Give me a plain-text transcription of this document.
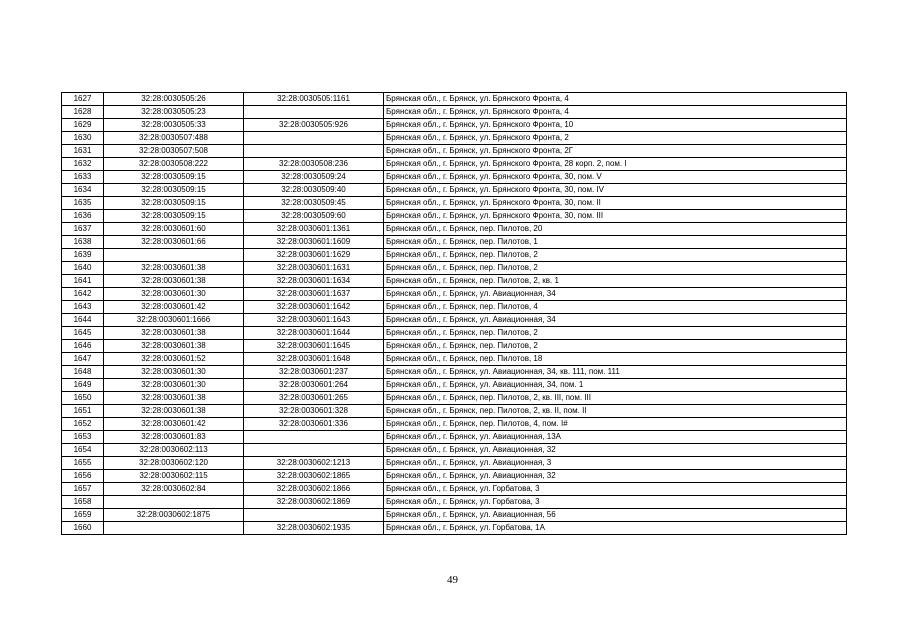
1627	32:28:0030505:26	32:28:0030505:1161	Брянская обл., г. Брянск, ул. Брянского Фронта, 4
1628	32:28:0030505:23		Брянская обл., г. Брянск, ул. Брянского Фронта, 4
1629	32:28:0030505:33	32:28:0030505:926	Брянская обл., г. Брянск, ул. Брянского Фронта, 10
1630	32:28:0030507:488		Брянская обл., г. Брянск, ул. Брянского Фронта, 2
1631	32:28:0030507:508		Брянская обл., г. Брянск, ул. Брянского Фронта, 2Г
1632	32:28:0030508:222	32:28:0030508:236	Брянская обл., г. Брянск, ул. Брянского Фронта, 28 корп. 2, пом. I
1633	32:28:0030509:15	32:28:0030509:24	Брянская обл., г. Брянск, ул. Брянского Фронта, 30, пом. V
1634	32:28:0030509:15	32:28:0030509:40	Брянская обл., г. Брянск, ул. Брянского Фронта, 30, пом. IV
1635	32:28:0030509:15	32:28:0030509:45	Брянская обл., г. Брянск, ул. Брянского Фронта, 30, пом. II
1636	32:28:0030509:15	32:28:0030509:60	Брянская обл., г. Брянск, ул. Брянского Фронта, 30, пом. III
1637	32:28:0030601:60	32:28:0030601:1361	Брянская обл., г. Брянск, пер. Пилотов, 20
1638	32:28:0030601:66	32:28:0030601:1609	Брянская обл., г. Брянск, пер. Пилотов, 1
1639		32:28:0030601:1629	Брянская обл., г. Брянск, пер. Пилотов, 2
1640	32:28:0030601:38	32:28:0030601:1631	Брянская обл., г. Брянск, пер. Пилотов, 2
1641	32:28:0030601:38	32:28:0030601:1634	Брянская обл., г. Брянск, пер. Пилотов, 2, кв. 1
1642	32:28:0030601:30	32:28:0030601:1637	Брянская обл., г. Брянск, ул. Авиационная, 34
1643	32:28:0030601:42	32:28:0030601:1642	Брянская обл., г. Брянск, пер. Пилотов, 4
1644	32:28:0030601:1666	32:28:0030601:1643	Брянская обл., г. Брянск, ул. Авиационная, 34
1645	32:28:0030601:38	32:28:0030601:1644	Брянская обл., г. Брянск, пер. Пилотов, 2
1646	32:28:0030601:38	32:28:0030601:1645	Брянская обл., г. Брянск, пер. Пилотов, 2
1647	32:28:0030601:52	32:28:0030601:1648	Брянская обл., г. Брянск, пер. Пилотов, 18
1648	32:28:0030601:30	32:28:0030601:237	Брянская обл., г. Брянск, ул. Авиационная, 34, кв. 111, пом. 111
1649	32:28:0030601:30	32:28:0030601:264	Брянская обл., г. Брянск, ул. Авиационная, 34, пом. 1
1650	32:28:0030601:38	32:28:0030601:265	Брянская обл., г. Брянск, пер. Пилотов, 2, кв. III, пом. III
1651	32:28:0030601:38	32:28:0030601:328	Брянская обл., г. Брянск, пер. Пилотов, 2, кв. II, пом. II
1652	32:28:0030601:42	32:28:0030601:336	Брянская обл., г. Брянск, пер. Пилотов, 4, пом. I#
1653	32:28:0030601:83		Брянская обл., г. Брянск, ул. Авиационная, 13А
1654	32:28:0030602:113		Брянская обл., г. Брянск, ул. Авиационная, 32
1655	32:28:0030602:120	32:28:0030602:1213	Брянская обл., г. Брянск, ул. Авиационная, 3
1656	32:28:0030602:115	32:28:0030602:1865	Брянская обл., г. Брянск, ул. Авиационная, 32
1657	32:28:0030602:84	32:28:0030602:1866	Брянская обл., г. Брянск, ул. Горбатова, 3
1658		32:28:0030602:1869	Брянская обл., г. Брянск, ул. Горбатова, 3
1659	32:28:0030602:1875		Брянская обл., г. Брянск, ул. Авиационная, 56
1660		32:28:0030602:1935	Брянская обл., г. Брянск, ул. Горбатова, 1А
49
